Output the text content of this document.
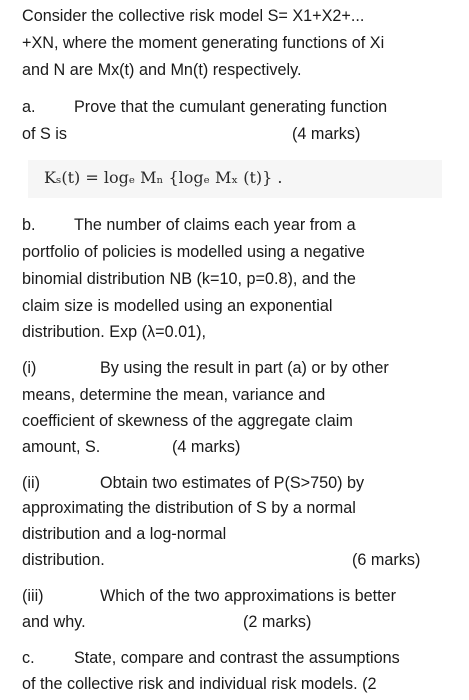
Consider the collective risk model S= X1+X2+...
+XN, where the moment generating functions of Xi
and N are Mx(t) and Mn(t) respectively.
a. Prove that the cumulant generating function
of S is	(4 marks)
Kₛ(t) = logₑ Mₙ {logₑ Mₓ (t)} .
b. The number of claims each year from a
portfolio of policies is modelled using a negative
binomial distribution NB (k=10, p=0.8), and the
claim size is modelled using an exponential
distribution. Exp (λ=0.01),
(i)	By using the result in part (a) or by other
means, determine the mean, variance and
coefficient of skewness of the aggregate claim
amount, S.	(4 marks)
(ii)	Obtain two estimates of P(S>750) by
approximating the distribution of S by a normal
distribution and a log-normal
distribution.	(6 marks)
(iii)	Which of the two approximations is better
and why.	(2 marks)
c. State, compare and contrast the assumptions
of the collective risk and individual risk models. (2
